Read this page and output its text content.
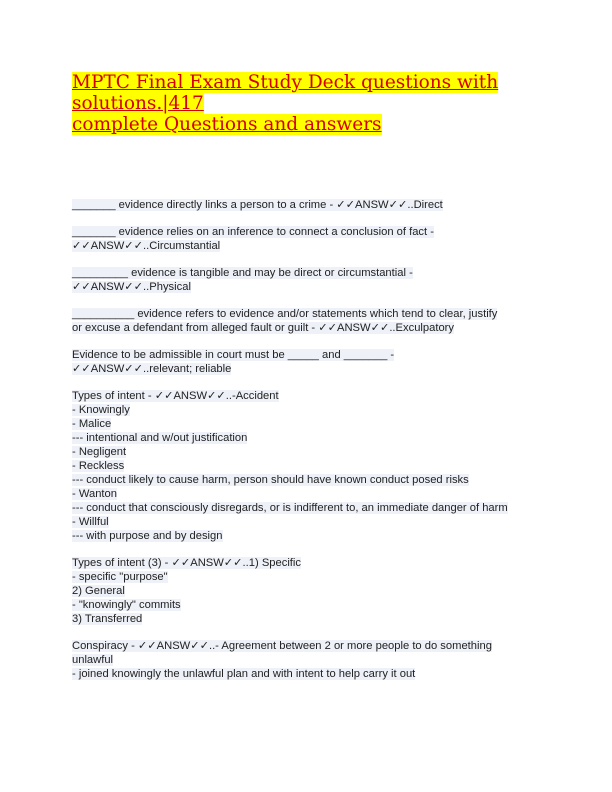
MPTC Final Exam Study Deck questions with solutions.|417
complete Questions and answers

_______ evidence directly links a person to a crime - ✓✓ANSW✓✓..Direct

_______ evidence relies on an inference to connect a conclusion of fact -
✓✓ANSW✓✓..Circumstantial

_________ evidence is tangible and may be direct or circumstantial -
✓✓ANSW✓✓..Physical

__________ evidence refers to evidence and/or statements which tend to clear, justify
or excuse a defendant from alleged fault or guilt - ✓✓ANSW✓✓..Exculpatory

Evidence to be admissible in court must be _____ and _______ -
✓✓ANSW✓✓..relevant; reliable

Types of intent - ✓✓ANSW✓✓..-Accident
- Knowingly
- Malice
--- intentional and w/out justification
- Negligent
- Reckless
--- conduct likely to cause harm, person should have known conduct posed risks
- Wanton
--- conduct that consciously disregards, or is indifferent to, an immediate danger of harm
- Willful
--- with purpose and by design

Types of intent (3) - ✓✓ANSW✓✓..1) Specific
- specific "purpose"
2) General
- "knowingly" commits
3) Transferred

Conspiracy - ✓✓ANSW✓✓..- Agreement between 2 or more people to do something
unlawful
- joined knowingly the unlawful plan and with intent to help carry it out
